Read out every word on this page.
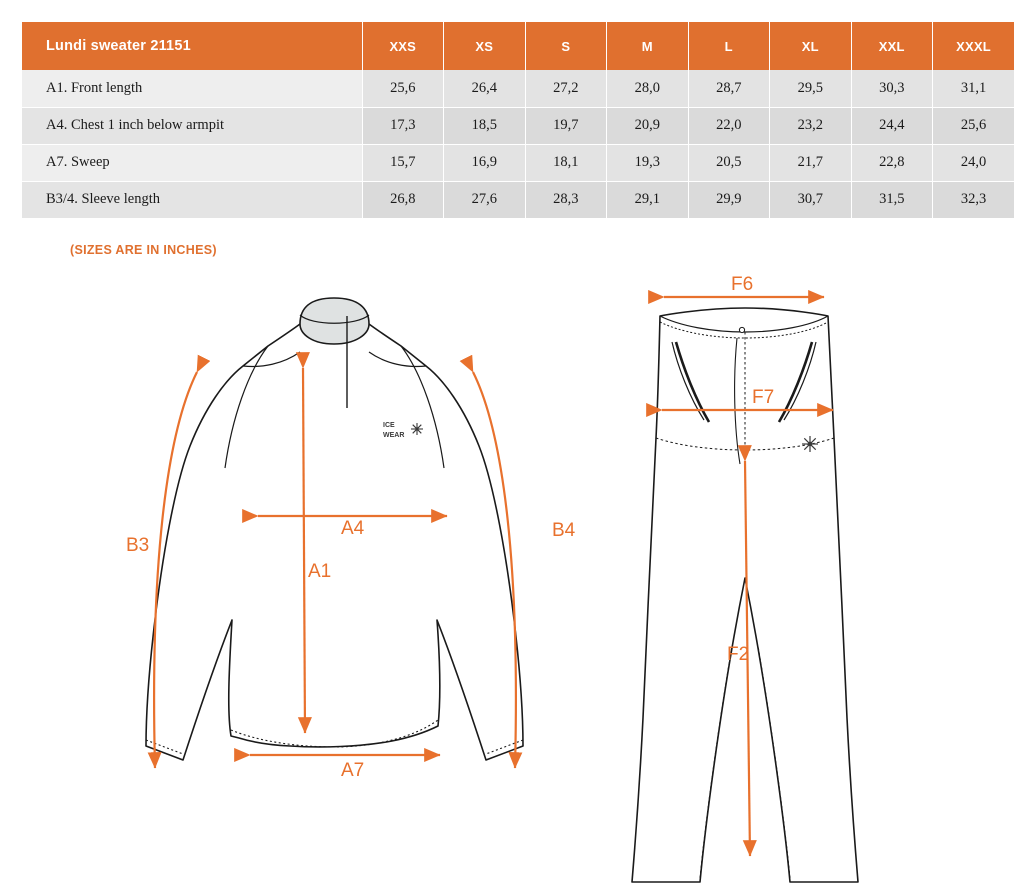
Lundi sweater 21151	XXS	XS	S	M	L	XL	XXL	XXXL
A1. Front length	25,6	26,4	27,2	28,0	28,7	29,5	30,3	31,1
A4. Chest 1 inch below armpit	17,3	18,5	19,7	20,9	22,0	23,2	24,4	25,6
A7. Sweep	15,7	16,9	18,1	19,3	20,5	21,7	22,8	24,0
B3/4. Sleeve length	26,8	27,6	28,3	29,1	29,9	30,7	31,5	32,3
(SIZES ARE IN INCHES)
ICE
WEAR
B3
B4
A4
A1
A7
F6
F7
F2
